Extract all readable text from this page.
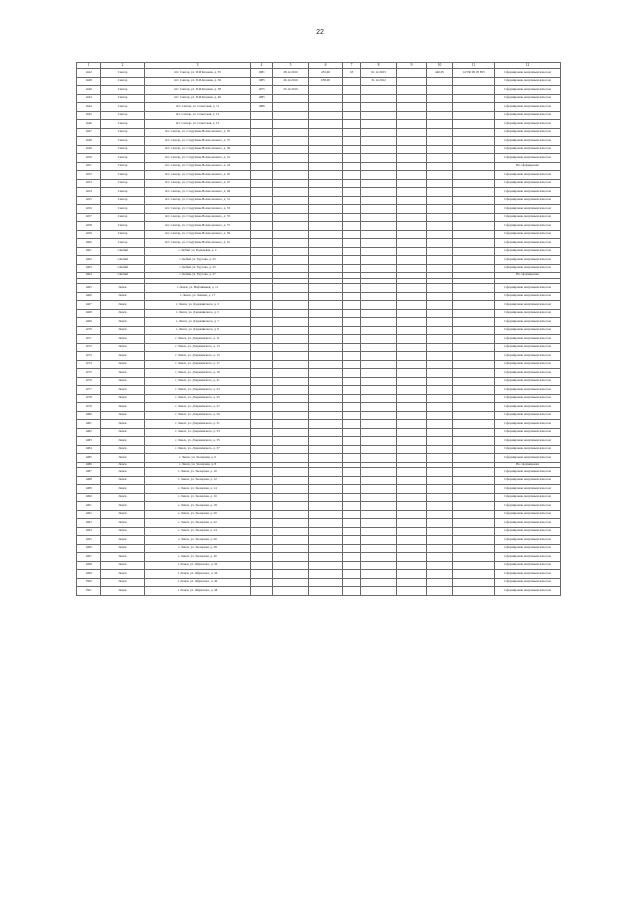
22
1	2	3	4	5	6	7	8	9	10	11	12
1442	Сангар	пгт. Сангар, ул. П.И.Кочнева, д. 35	1981	28.12.2016	453,40	18	01.12.2023		440,95	14 530 00 05 855	Сформирован ненулевым взносом
1448	Сангар	пгт. Сангар, ул. П.И.Кочнева, д. 36	1985	26.12.2016	658,90		31.12.2022				Сформирован ненулевым взносом
1449	Сангар	пгт. Сангар, ул. П.И.Кочнева, д. 38	1975	25.12.2016							Сформирован ненулевым взносом
1443	Сангар	пгт. Сангар, ул. П.И.Кочнева, д. 40	1985								Сформирован ненулевым взносом
1444	Сангар	пгт. Сангар, ул. Советская, д. 11	1986								Сформирован ненулевым взносом
1445	Сангар	пгт. Сангар, ул. Советская, д. 13									Сформирован ненулевым взносом
1446	Сангар	пгт. Сангар, ул. Советская, д. 15									Сформирован ненулевым взносом
1447	Сангар	пгт. Сангар, ул. Стадухина-Вознесенского, д. 35									Сформирован ненулевым взносом
1448	Сангар	пгт. Сангар, ул. Стадухина-Вознесенского, д. 37									Сформирован ненулевым взносом
1449	Сангар	пгт. Сангар, ул. Стадухина-Вознесенского, д. 39									Сформирован ненулевым взносом
1450	Сангар	пгт. Сангар, ул. Стадухина-Вознесенского, д. 41									Сформирован ненулевым взносом
1451	Сангар	пгт. Сангар, ул. Стадухина-Вознесенского, д. 43									Не сформирован
1452	Сангар	пгт. Сангар, ул. Стадухина-Вознесенского, д. 45									Сформирован ненулевым взносом
1453	Сангар	пгт. Сангар, ул. Стадухина-Вознесенского, д. 47									Сформирован ненулевым взносом
1454	Сангар	пгт. Сангар, ул. Стадухина-Вознесенского, д. 49									Сформирован ненулевым взносом
1455	Сангар	пгт. Сангар, ул. Стадухина-Вознесенского, д. 51									Сформирован ненулевым взносом
1456	Сангар	пгт. Сангар, ул. Стадухина-Вознесенского, д. 53									Сформирован ненулевым взносом
1457	Сангар	пгт. Сангар, ул. Стадухина-Вознесенского, д. 55									Сформирован ненулевым взносом
1458	Сангар	пгт. Сангар, ул. Стадухина-Вознесенского, д. 57									Сформирован ненулевым взносом
1459	Сангар	пгт. Сангар, ул. Стадухина-Вознесенского, д. 59									Сформирован ненулевым взносом
1460	Сангар	пгт. Сангар, ул. Стадухина-Вознесенского, д. 61									Сформирован ненулевым взносом
1461	с.Кобяй	с. Кобяй, ул. Кольцевая, д. 2									Сформирован ненулевым взносом
1462	с.Кобяй	с. Кобяй, ул. Трусова, д. 25									Сформирован ненулевым взносом
1463	с.Кобяй	с. Кобяй, ул. Трусова, д. 25									Сформирован ненулевым взносом
1464	с.Кобяй	с. Кобяй, ул. Трусова, д. 27									Не сформирован

1465	Ленск	г. Ленск, ул. Нефтяников, д. 11									Сформирован ненулевым взносом
1466	Ленск	г. Ленск, ул. Ленина, д. 17									Сформирован ненулевым взносом
1467	Ленск	г. Ленск, ул. Дзержинского, д. 3									Сформирован ненулевым взносом
1468	Ленск	г. Ленск, ул. Дзержинского, д. 5									Сформирован ненулевым взносом
1469	Ленск	г. Ленск, ул. Дзержинского, д. 7									Сформирован ненулевым взносом
1470	Ленск	г. Ленск, ул. Дзержинского, д. 9									Сформирован ненулевым взносом
1471	Ленск	г. Ленск, ул. Дзержинского, д. 11									Сформирован ненулевым взносом
1472	Ленск	г. Ленск, ул. Дзержинского, д. 13									Сформирован ненулевым взносом
1473	Ленск	г. Ленск, ул. Дзержинского, д. 15									Сформирован ненулевым взносом
1474	Ленск	г. Ленск, ул. Дзержинского, д. 17									Сформирован ненулевым взносом
1475	Ленск	г. Ленск, ул. Дзержинского, д. 19									Сформирован ненулевым взносом
1476	Ленск	г. Ленск, ул. Дзержинского, д. 21									Сформирован ненулевым взносом
1477	Ленск	г. Ленск, ул. Дзержинского, д. 23									Сформирован ненулевым взносом
1478	Ленск	г. Ленск, ул. Дзержинского, д. 25									Сформирован ненулевым взносом
1479	Ленск	г. Ленск, ул. Дзержинского, д. 27									Сформирован ненулевым взносом
1480	Ленск	г. Ленск, ул. Дзержинского, д. 29									Сформирован ненулевым взносом
1481	Ленск	г. Ленск, ул. Дзержинского, д. 31									Сформирован ненулевым взносом
1482	Ленск	г. Ленск, ул. Дзержинского, д. 33									Сформирован ненулевым взносом
1483	Ленск	г. Ленск, ул. Дзержинского, д. 35									Сформирован ненулевым взносом
1484	Ленск	г. Ленск, ул. Дзержинского, д. 37									Сформирован ненулевым взносом
1485	Ленск	г. Ленск, ул. Заозерная, д. 6									Сформирован ненулевым взносом
1486	Ленск	г. Ленск, ул. Заозерная, д. 8									Не сформирован
1487	Ленск	г. Ленск, ул. Заозерная, д. 10									Сформирован ненулевым взносом
1488	Ленск	г. Ленск, ул. Заозерная, д. 12									Сформирован ненулевым взносом
1489	Ленск	г. Ленск, ул. Заозерная, д. 14									Сформирован ненулевым взносом
1490	Ленск	г. Ленск, ул. Заозерная, д. 16									Сформирован ненулевым взносом
1491	Ленск	г. Ленск, ул. Заозерная, д. 18									Сформирован ненулевым взносом
1492	Ленск	г. Ленск, ул. Заозерная, д. 20									Сформирован ненулевым взносом
1493	Ленск	г. Ленск, ул. Заозерная, д. 22									Сформирован ненулевым взносом
1494	Ленск	г. Ленск, ул. Заозерная, д. 24									Сформирован ненулевым взносом
1495	Ленск	г. Ленск, ул. Заозерная, д. 26									Сформирован ненулевым взносом
1496	Ленск	г. Ленск, ул. Заозерная, д. 28									Сформирован ненулевым взносом
1497	Ленск	г. Ленск, ул. Заозерная, д. 30									Сформирован ненулевым взносом
1498	Ленск	г. Ленск, ул. Ойунского, д. 32									Сформирован ненулевым взносом
1499	Ленск	г. Ленск, ул. Ойунского, д. 34									Сформирован ненулевым взносом
1500	Ленск	г. Ленск, ул. Ойунского, д. 36									Сформирован ненулевым взносом
1501	Ленск	г. Ленск, ул. Ойунского, д. 38									Сформирован ненулевым взносом
